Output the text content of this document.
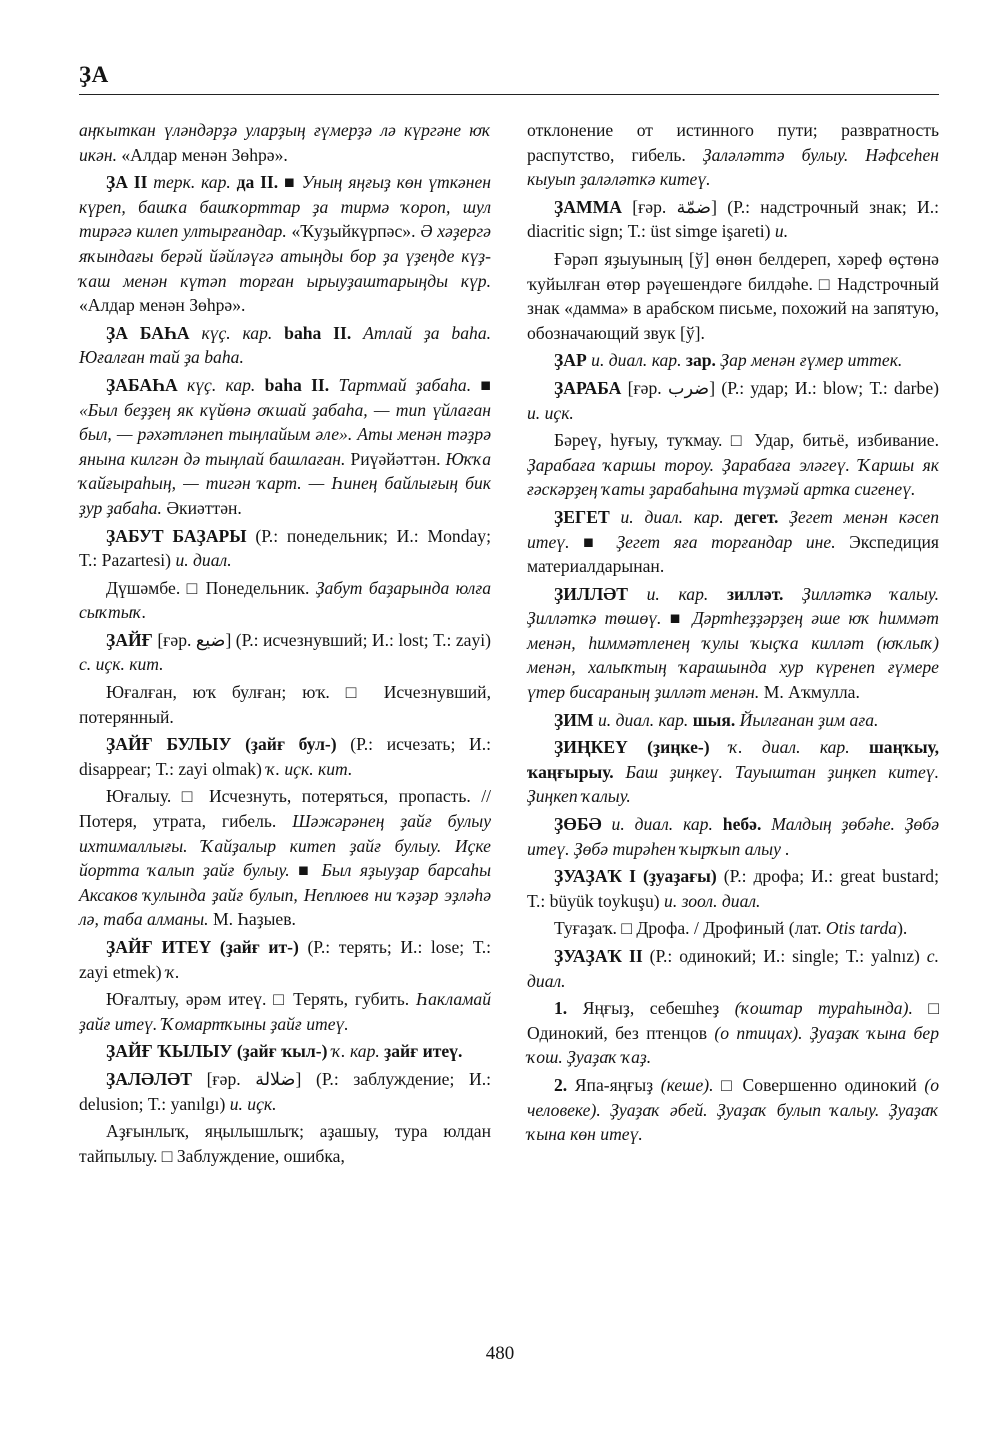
ҘА

аңҡыткан үләндәрҙә уларҙың ғүмерҙә лә күргәне юҡ икән. «Алдар менән Зөһрә».

ҘА II терк. кар. да II. ■ Уның яңғыҙ көн үткәнен күреп, башҡа башҡорттар ҙа тирмә ҡороп, шул тирәгә килеп ултырғандар. «Ҡуҙыйкүрпәс». Ә хәҙергә яҡындағы берәй йәйләүгә атыңды бор ҙа үҙеңде күҙ-ҡаш менән күтәп торған ырыуҙаштарыңды күр. «Алдар менән Зөһрә».

ҘА БАҺА күҫ. кар. baha II. Атлай ҙа baha. Юғалған тай ҙа baha.

ҘАБАҺА күҫ. кар. baha II. Тартмай ҙабаhа. ■ «Был беҙҙең як күйөнә оҡшай ҙабаhа, — тип үйлаған был, — рәхәтләнеп тыңлайым әле». Аты менән тәҙрә янына килгән дә тыңлай башлаған. Риүәйәттән. Юҡҡа ҡайғыраһың, — тигән ҡарт. — Һинең байлығың бик ҙур ҙабаhа. Әкиәттән.

ҘАБУТ БАҘАРЫ (Р.: понедельник; И.: Monday; Т.: Pazartesi) и. диал.

Дүшәмбе. □ Понедельник. Ҙабут баҙарында юлға сыҡтыҡ.

ҘАЙҒ [ғәр. ضيع] (Р.: исчезнувший; И.: lost; Т.: zayi) с. иҫк. кит.

Юғалған, юҡ булған; юҡ. □ Исчезнувший, потерянный.

ҘАЙҒ БУЛЫУ (ҙайғ бул-) (Р.: исчезать; И.: disappear; Т.: zayi olmak) ҡ. иҫк. кит.

Юғалыу. □ Исчезнуть, потеряться, пропасть. // Потеря, утрата, гибель. Шәжәрәнең ҙайғ булыу ихтималлығы. Ҡайҙалыр китеп ҙайғ булыу. Иҫке йортта ҡалып ҙайғ булыу. ■ Был яҙыуҙар барсаhы Аксаков ҡулында ҙайғ булып, Неплюев ни ҡәҙәр эҙләһә лә, таба алманы. М. Һаҙыев.

ҘАЙҒ ИТЕҮ (ҙайғ ит-) (Р.: терять; И.: lose; Т.: zayi etmek) ҡ.

Юғалтыу, әрәм итеү. □ Терять, губить. Һакламай ҙайғ итеү. Ҡомартҡыны ҙайғ итеү.

ҘАЙҒ ҠЫЛЫУ (ҙайғ ҡыл-) ҡ. кар. ҙайғ итеү.

ҘАЛӘЛӘТ [ғәр. ضلالة] (Р.: заблуждение; И.: delusion; Т.: yanılgı) и. иҫк.

Аҙғынлыҡ, яңылышлыҡ; аҙашыу, тура юлдан тайпылыу. □ Заблуждение, ошибка,

отклонение от истинного пути; развратность распутство, гибель. Ҙаләләттә булыу. Нәфсеһен кыуып ҙаләләткә китеү.

ҘАММА [ғәр. ضمّة] (Р.: надстрочный знак; И.: diacritic sign; Т.: üst simge işareti) и.

Ғәрәп яҙыуының [ў] өнөн белдереп, хәреф өҫтөнә ҡуйылған өтөр рәүешендәге билдәһе. □ Надстрочный знак «дамма» в арабском письме, похожий на запятую, обозначающий звук [ў].

ҘАР и. диал. кар. зар. Ҙар менән ғүмер иттек.

ҘАРАБА [ғәр. ضرب] (Р.: удар; И.: blow; Т.: darbe) и. иҫк.

Бәреү, һуғыу, туҡмау. □ Удар, битьё, избивание. Ҙарабаға ҡаршы тороу. Ҙарабаға эләгеү. Ҡаршы як ғәскәрҙең ҡаты ҙарабаһына түҙмәй артка сигенеү.

ҘЕГЕТ и. диал. кар. дегет. Ҙегет менән кәсеп итеү. ■ Ҙегет яға торғандар ине. Экспедиция материалдарынан.

ҘИЛЛӘТ и. кар. зилләт. Ҙилләткә ҡалыу. Ҙилләткә төшөү. ■ Дәртһеҙҙәрҙең әше юҡ һиммәт менән, һиммәтленең ҡулы ҡыҫҡа килләт (юҡлыҡ) менән, халыҡтың ҡарашында хур күренеп ғүмере үтер бисараның ҙилләт менән. М. Аҡмулла.

ҘИМ и. диал. кар. шыя. Йылғанан ҙим аға.

ҘИҢКЕҮ (ҙиңке-) ҡ. диал. кар. шаңҡыу, ҡаңғырыу. Баш ҙиңкеү. Тауыштан ҙиңкеп китеү. Ҙиңкеп ҡалыу.

ҘӨБӘ и. диал. кар. һебә. Малдың ҙөбәһе. Ҙөбә итеү. Ҙөбә тирәһен ҡырҡып алыу .

ҘУАҘАҠ I (ҙуаҙағы) (Р.: дрофа; И.: great bustard; Т.: büyük toykuşu) и. зоол. диал.

Туғаҙаҡ. □ Дрофа. / Дрофиный (лат. Otis tarda).

ҘУАҘАҠ II (Р.: одинокий; И.: single; Т.: yalnız) с. диал.

1. Яңғыҙ, себешһеҙ (ҡоштар тураһында). □ Одинокий, без птенцов (о птицах). Ҙуаҙаҡ ҡына бер ҡош. Ҙуаҙаҡ ҡаҙ.

2. Япа-яңғыҙ (кеше). □ Совершенно одинокий (о человеке). Ҙуаҙаҡ әбей. Ҙуаҙаҡ булып ҡалыу. Ҙуаҙаҡ ҡына көн итеү.

480
